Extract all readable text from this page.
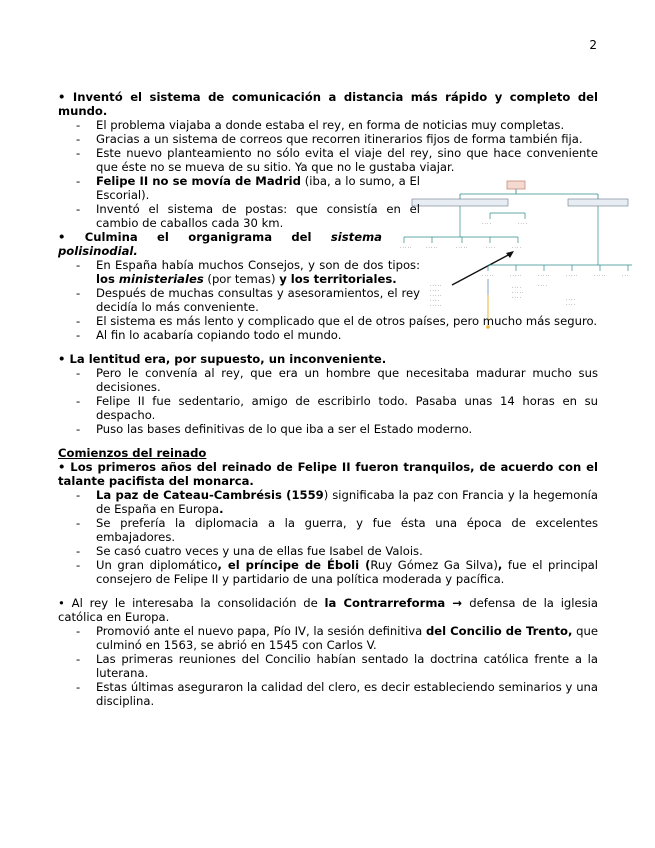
2
· · · ·	· · · ·
· · · · ·	· · · · ·	· · · · ·	· · · ·	· · · ·
· · · · ·
· · · ·
· · · · ·
· · · ·
· · · · ·
· · · · ·	· · · · ·	· · · · ·	· · · · ·	· · · · ·	· · ·
· · · ·
· · · · ·
· · · ·
· · · ·
· · · ·
· · · ·
• Inventó el sistema de comunicación a distancia más rápido y completo del mundo.
- El problema viajaba a donde estaba el rey, en forma de noticias muy completas.
- Gracias a un sistema de correos que recorren itinerarios fijos de forma también fija.
- Este nuevo planteamiento no sólo evita el viaje del rey, sino que hace conveniente que éste no se mueva de su sitio. Ya que no le gustaba viajar.
- Felipe II no se movía de Madrid (iba, a lo sumo, a El Escorial).
- Inventó el sistema de postas: que consistía en el cambio de caballos cada 30 km.
• Culmina el organigrama del sistema polisinodial.
- En España había muchos Consejos, y son de dos tipos: los ministeriales (por temas) y los territoriales.
- Después de muchas consultas y asesoramientos, el rey decidía lo más conveniente.
- El sistema es más lento y complicado que el de otros países, pero mucho más seguro.
- Al fin lo acabaría copiando todo el mundo.
• La lentitud era, por supuesto, un inconveniente.
- Pero le convenía al rey, que era un hombre que necesitaba madurar mucho sus decisiones.
- Felipe II fue sedentario, amigo de escribirlo todo. Pasaba unas 14 horas en su despacho.
- Puso las bases definitivas de lo que iba a ser el Estado moderno.
Comienzos del reinado
• Los primeros años del reinado de Felipe II fueron tranquilos, de acuerdo con el talante pacifista del monarca.
- La paz de Cateau-Cambrésis (1559) significaba la paz con Francia y la hegemonía de España en Europa.
- Se prefería la diplomacia a la guerra, y fue ésta una época de excelentes embajadores.
- Se casó cuatro veces y una de ellas fue Isabel de Valois.
- Un gran diplomático, el príncipe de Éboli (Ruy Gómez Ga Silva), fue el principal consejero de Felipe II y partidario de una política moderada y pacífica.
• Al rey le interesaba la consolidación de la Contrarreforma → defensa de la iglesia católica en Europa.
- Promovió ante el nuevo papa, Pío IV, la sesión definitiva del Concilio de Trento, que culminó en 1563, se abrió en 1545 con Carlos V.
- Las primeras reuniones del Concilio habían sentado la doctrina católica frente a la luterana.
- Estas últimas aseguraron la calidad del clero, es decir estableciendo seminarios y una disciplina.
